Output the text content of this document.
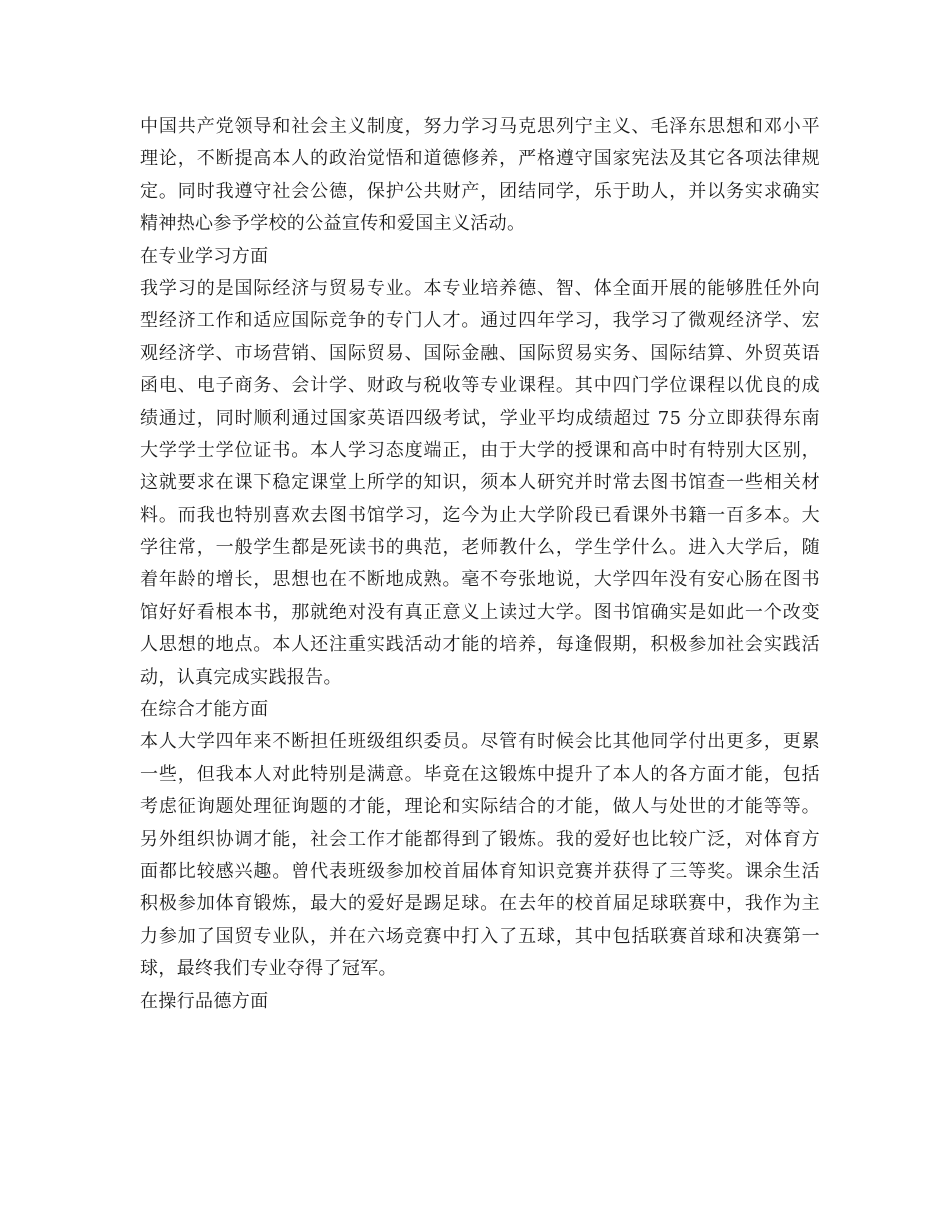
中国共产党领导和社会主义制度，努力学习马克思列宁主义、毛泽东思想和邓小平
理论，不断提高本人的政治觉悟和道德修养，严格遵守国家宪法及其它各项法律规
定。同时我遵守社会公德，保护公共财产，团结同学，乐于助人，并以务实求确实
精神热心参予学校的公益宣传和爱国主义活动。
在专业学习方面
我学习的是国际经济与贸易专业。本专业培养德、智、体全面开展的能够胜任外向
型经济工作和适应国际竞争的专门人才。通过四年学习，我学习了微观经济学、宏
观经济学、市场营销、国际贸易、国际金融、国际贸易实务、国际结算、外贸英语
函电、电子商务、会计学、财政与税收等专业课程。其中四门学位课程以优良的成
绩通过，同时顺利通过国家英语四级考试，学业平均成绩超过 75 分立即获得东南
大学学士学位证书。本人学习态度端正，由于大学的授课和高中时有特别大区别，
这就要求在课下稳定课堂上所学的知识，须本人研究并时常去图书馆查一些相关材
料。而我也特别喜欢去图书馆学习，迄今为止大学阶段已看课外书籍一百多本。大
学往常，一般学生都是死读书的典范，老师教什么，学生学什么。进入大学后，随
着年龄的增长，思想也在不断地成熟。毫不夸张地说，大学四年没有安心肠在图书
馆好好看根本书，那就绝对没有真正意义上读过大学。图书馆确实是如此一个改变
人思想的地点。本人还注重实践活动才能的培养，每逢假期，积极参加社会实践活
动，认真完成实践报告。
在综合才能方面
本人大学四年来不断担任班级组织委员。尽管有时候会比其他同学付出更多，更累
一些，但我本人对此特别是满意。毕竟在这锻炼中提升了本人的各方面才能，包括
考虑征询题处理征询题的才能，理论和实际结合的才能，做人与处世的才能等等。
另外组织协调才能，社会工作才能都得到了锻炼。我的爱好也比较广泛，对体育方
面都比较感兴趣。曾代表班级参加校首届体育知识竞赛并获得了三等奖。课余生活
积极参加体育锻炼，最大的爱好是踢足球。在去年的校首届足球联赛中，我作为主
力参加了国贸专业队，并在六场竞赛中打入了五球，其中包括联赛首球和决赛第一
球，最终我们专业夺得了冠军。
在操行品德方面
